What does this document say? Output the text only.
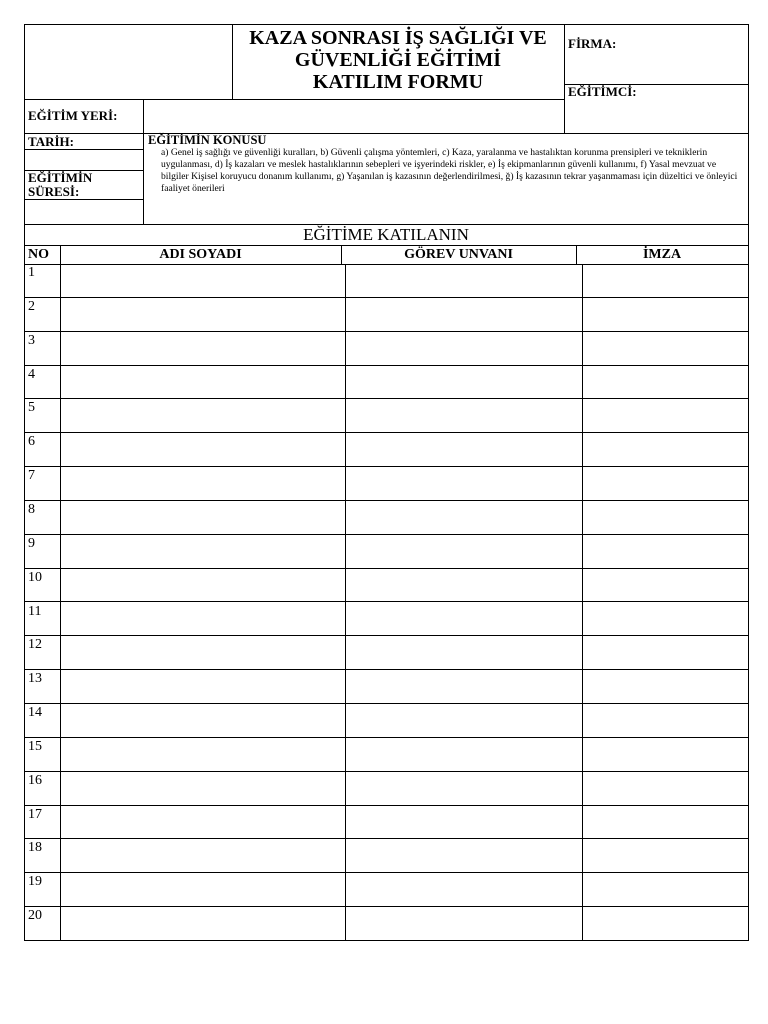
KAZA SONRASI İŞ SAĞLIĞI VE
GÜVENLİĞİ EĞİTİMİ
KATILIM FORMU
FİRMA:
EĞİTİMCİ:
EĞİTİM YERİ:
TARİH:
EĞİTİMİN
SÜRESİ:
EĞİTİMİN KONUSU
a) Genel iş sağlığı ve güvenliği kuralları, b) Güvenli çalışma yöntemleri, c) Kaza, yaralanma ve hastalıktan korunma prensipleri ve tekniklerin uygulanması, d) İş kazaları ve meslek hastalıklarının sebepleri ve işyerindeki riskler, e) İş ekipmanlarının güvenli kullanımı, f) Yasal mevzuat ve bilgiler Kişisel koruyucu donanım kullanımı, g) Yaşanılan iş kazasının değerlendirilmesi, ğ) İş kazasının tekrar yaşanmaması için düzeltici ve önleyici faaliyet önerileri
EĞİTİME KATILANIN
NO	ADI SOYADI	GÖREV UNVANI	İMZA
1
2
3
4
5
6
7
8
9
10
11
12
13
14
15
16
17
18
19
20
